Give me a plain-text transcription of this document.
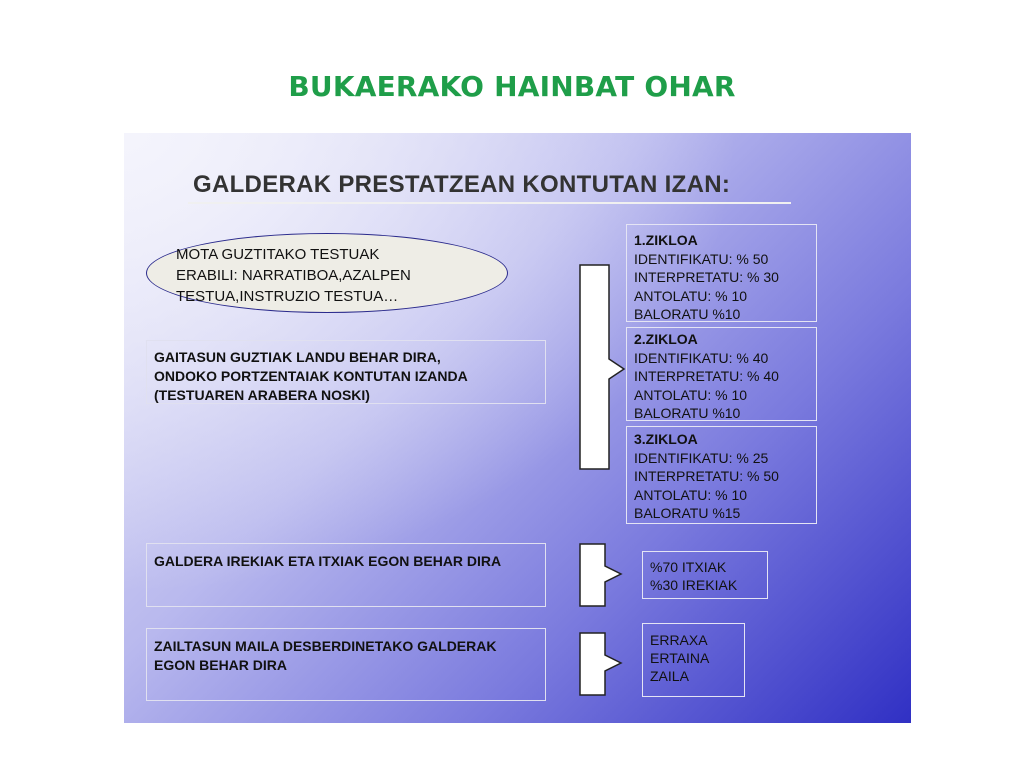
BUKAERAKO HAINBAT OHAR
GALDERAK PRESTATZEAN KONTUTAN IZAN:
MOTA GUZTITAKO TESTUAK
ERABILI: NARRATIBOA,AZALPEN
TESTUA,INSTRUZIO TESTUA…
GAITASUN GUZTIAK LANDU BEHAR DIRA,
ONDOKO PORTZENTAIAK KONTUTAN IZANDA
(TESTUAREN ARABERA NOSKI)
GALDERA IREKIAK ETA ITXIAK EGON BEHAR DIRA
ZAILTASUN MAILA DESBERDINETAKO GALDERAK
EGON BEHAR DIRA
1.ZIKLOA
IDENTIFIKATU: % 50
INTERPRETATU: % 30
ANTOLATU: % 10
BALORATU %10
2.ZIKLOA
IDENTIFIKATU: % 40
INTERPRETATU: % 40
ANTOLATU: % 10
BALORATU %10
3.ZIKLOA
IDENTIFIKATU: % 25
INTERPRETATU: % 50
ANTOLATU: % 10
BALORATU %15
%70 ITXIAK
%30 IREKIAK
ERRAXA
ERTAINA
ZAILA
